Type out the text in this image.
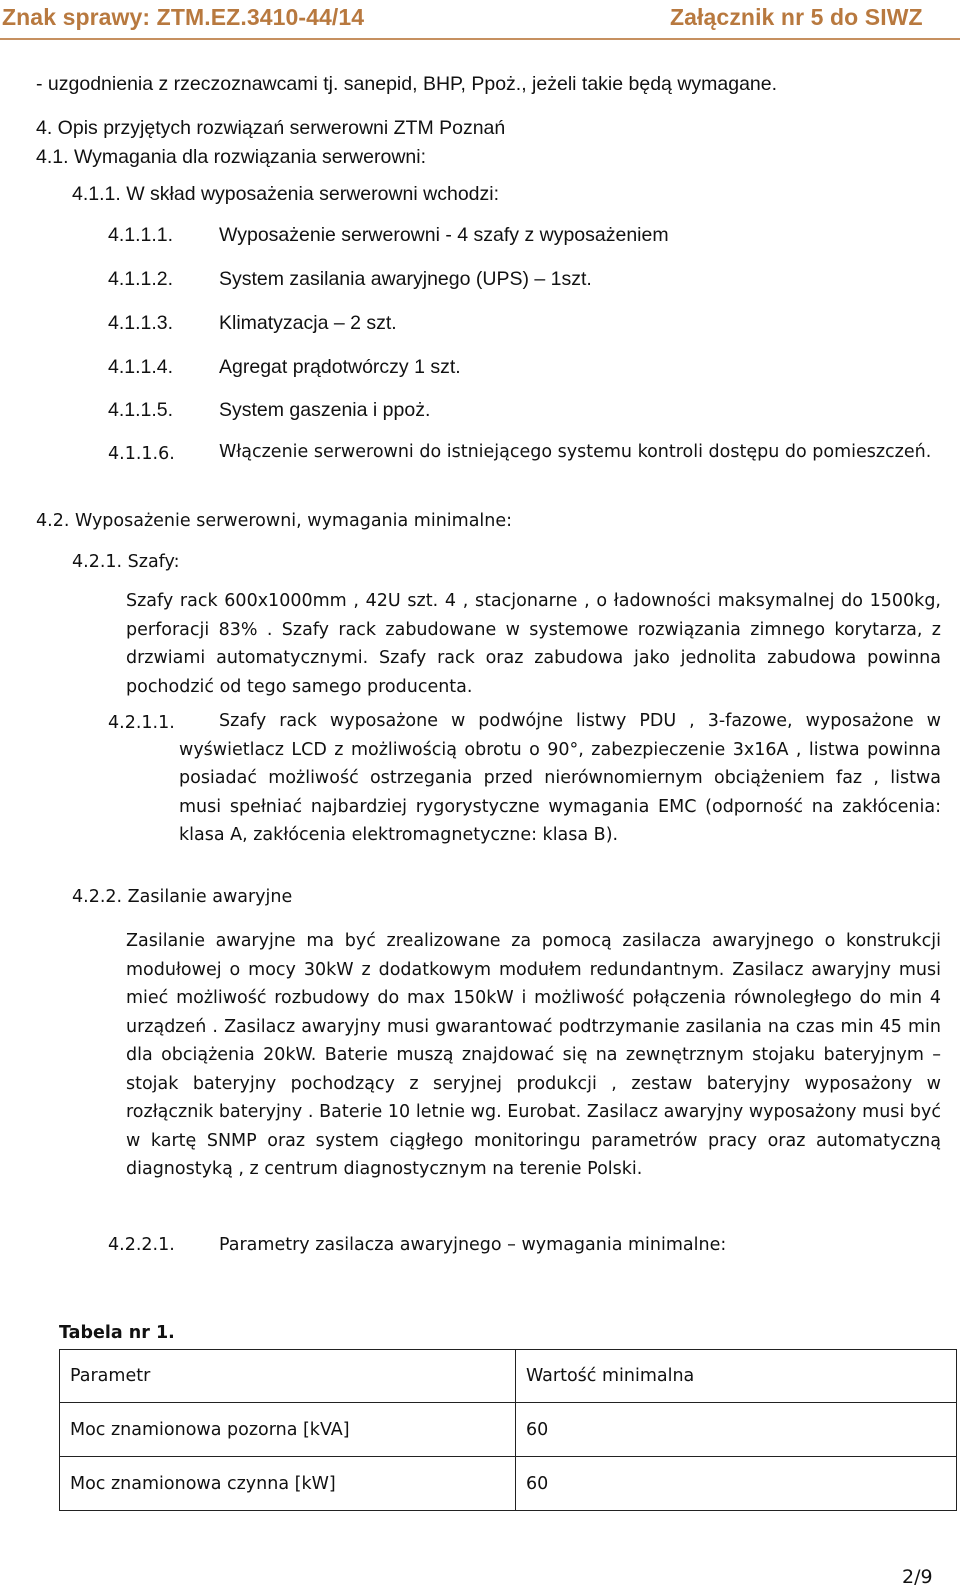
Znak sprawy: ZTM.EZ.3410-44/14	Załącznik nr 5 do SIWZ
- uzgodnienia z rzeczoznawcami tj. sanepid, BHP, Ppoż., jeżeli takie będą wymagane.
4. Opis przyjętych rozwiązań serwerowni ZTM Poznań
4.1. Wymagania dla rozwiązania serwerowni:
4.1.1. W skład wyposażenia serwerowni wchodzi:
4.1.1.1. Wyposażenie serwerowni - 4 szafy z wyposażeniem
4.1.1.2. System zasilania awaryjnego (UPS) – 1szt.
4.1.1.3. Klimatyzacja – 2 szt.
4.1.1.4. Agregat prądotwórczy 1 szt.
4.1.1.5. System gaszenia i ppoż.
4.1.1.6.	Włączenie serwerowni do istniejącego systemu kontroli dostępu do pomieszczeń.
4.2. Wyposażenie serwerowni, wymagania minimalne:
4.2.1. Szafy:
Szafy rack 600x1000mm , 42U szt. 4 , stacjonarne , o ładowności maksymalnej do 1500kg, perforacji 83% . Szafy rack zabudowane w systemowe rozwiązania zimnego korytarza, z drzwiami automatycznymi. Szafy rack oraz zabudowa jako jednolita zabudowa powinna pochodzić od tego samego producenta.
4.2.1.1.	Szafy rack wyposażone w podwójne listwy PDU , 3-fazowe, wyposażone w wyświetlacz LCD z możliwością obrotu o 90°, zabezpieczenie 3x16A , listwa powinna posiadać możliwość ostrzegania przed nierównomiernym obciążeniem faz , listwa musi spełniać najbardziej rygorystyczne wymagania EMC (odporność na zakłócenia: klasa A, zakłócenia elektromagnetyczne: klasa B).
4.2.2. Zasilanie awaryjne
Zasilanie awaryjne ma być zrealizowane za pomocą zasilacza awaryjnego o konstrukcji modułowej o mocy 30kW z dodatkowym modułem redundantnym. Zasilacz awaryjny musi mieć możliwość rozbudowy do max 150kW i możliwość połączenia równoległego do min 4 urządzeń . Zasilacz awaryjny musi gwarantować podtrzymanie zasilania na czas min 45 min dla obciążenia 20kW. Baterie muszą znajdować się na zewnętrznym stojaku bateryjnym – stojak bateryjny pochodzący z seryjnej produkcji , zestaw bateryjny wyposażony w rozłącznik bateryjny . Baterie 10 letnie wg. Eurobat. Zasilacz awaryjny wyposażony musi być w kartę SNMP oraz system ciągłego monitoringu parametrów pracy oraz automatyczną diagnostyką , z centrum diagnostycznym na terenie Polski.
4.2.2.1.	Parametry zasilacza awaryjnego – wymagania minimalne:
Tabela nr 1.
Parametr	Wartość minimalna
Moc znamionowa pozorna [kVA]	60
Moc znamionowa czynna [kW]	60
2/9
